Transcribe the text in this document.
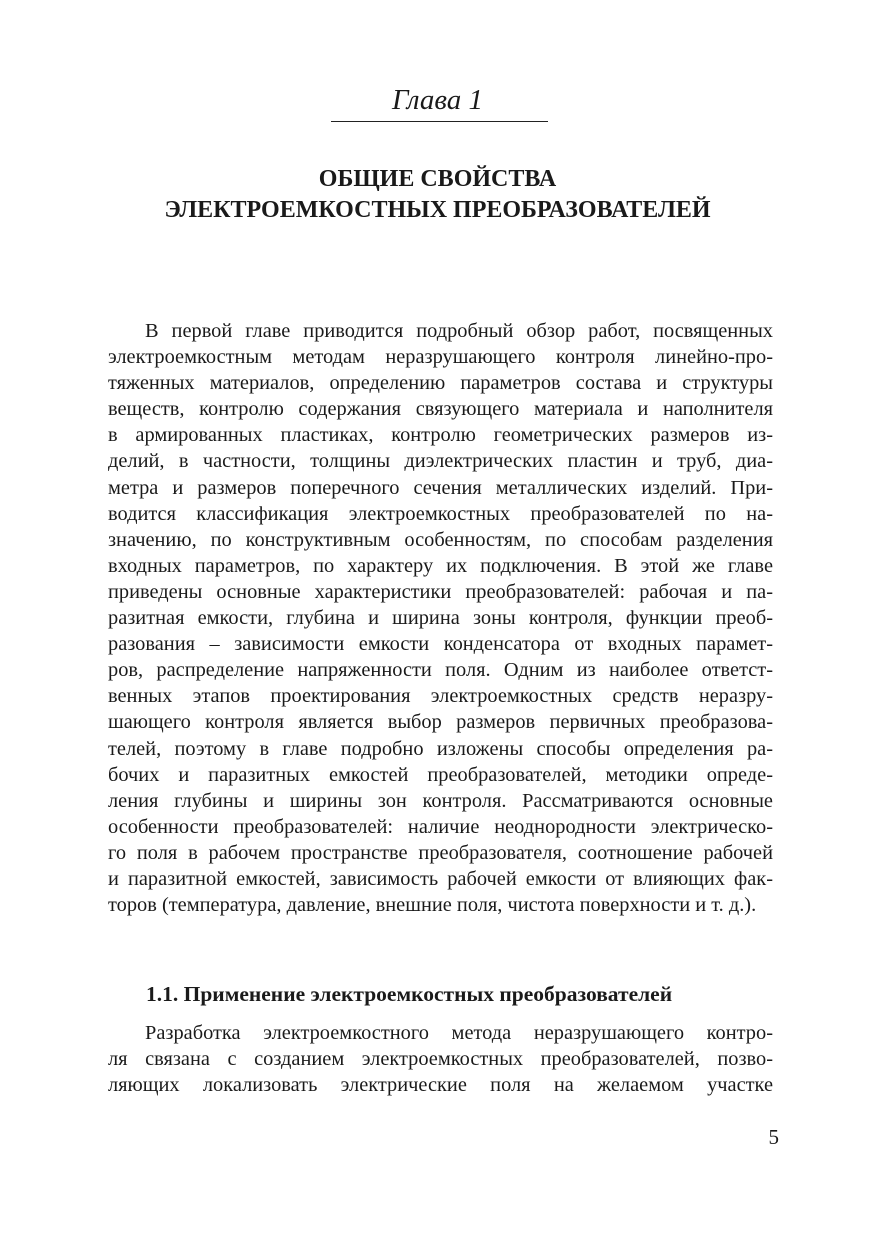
Глава 1
ОБЩИЕ СВОЙСТВА
ЭЛЕКТРОЕМКОСТНЫХ ПРЕОБРАЗОВАТЕЛЕЙ
В первой главе приводится подробный обзор работ, посвященных
электроемкостным методам неразрушающего контроля линейно-про-
тяженных материалов, определению параметров состава и структуры
веществ, контролю содержания связующего материала и наполнителя
в армированных пластиках, контролю геометрических размеров из-
делий, в частности, толщины диэлектрических пластин и труб, диа-
метра и размеров поперечного сечения металлических изделий. При-
водится классификация электроемкостных преобразователей по на-
значению, по конструктивным особенностям, по способам разделения
входных параметров, по характеру их подключения. В этой же главе
приведены основные характеристики преобразователей: рабочая и па-
разитная емкости, глубина и ширина зоны контроля, функции преоб-
разования – зависимости емкости конденсатора от входных парамет-
ров, распределение напряженности поля. Одним из наиболее ответст-
венных этапов проектирования электроемкостных средств неразру-
шающего контроля является выбор размеров первичных преобразова-
телей, поэтому в главе подробно изложены способы определения ра-
бочих и паразитных емкостей преобразователей, методики опреде-
ления глубины и ширины зон контроля. Рассматриваются основные
особенности преобразователей: наличие неоднородности электрическо-
го поля в рабочем пространстве преобразователя, соотношение рабочей
и паразитной емкостей, зависимость рабочей емкости от влияющих фак-
торов (температура, давление, внешние поля, чистота поверхности и т. д.).
1.1. Применение электроемкостных преобразователей
Разработка электроемкостного метода неразрушающего контро-
ля связана с созданием электроемкостных преобразователей, позво-
ляющих локализовать электрические поля на желаемом участке
5
